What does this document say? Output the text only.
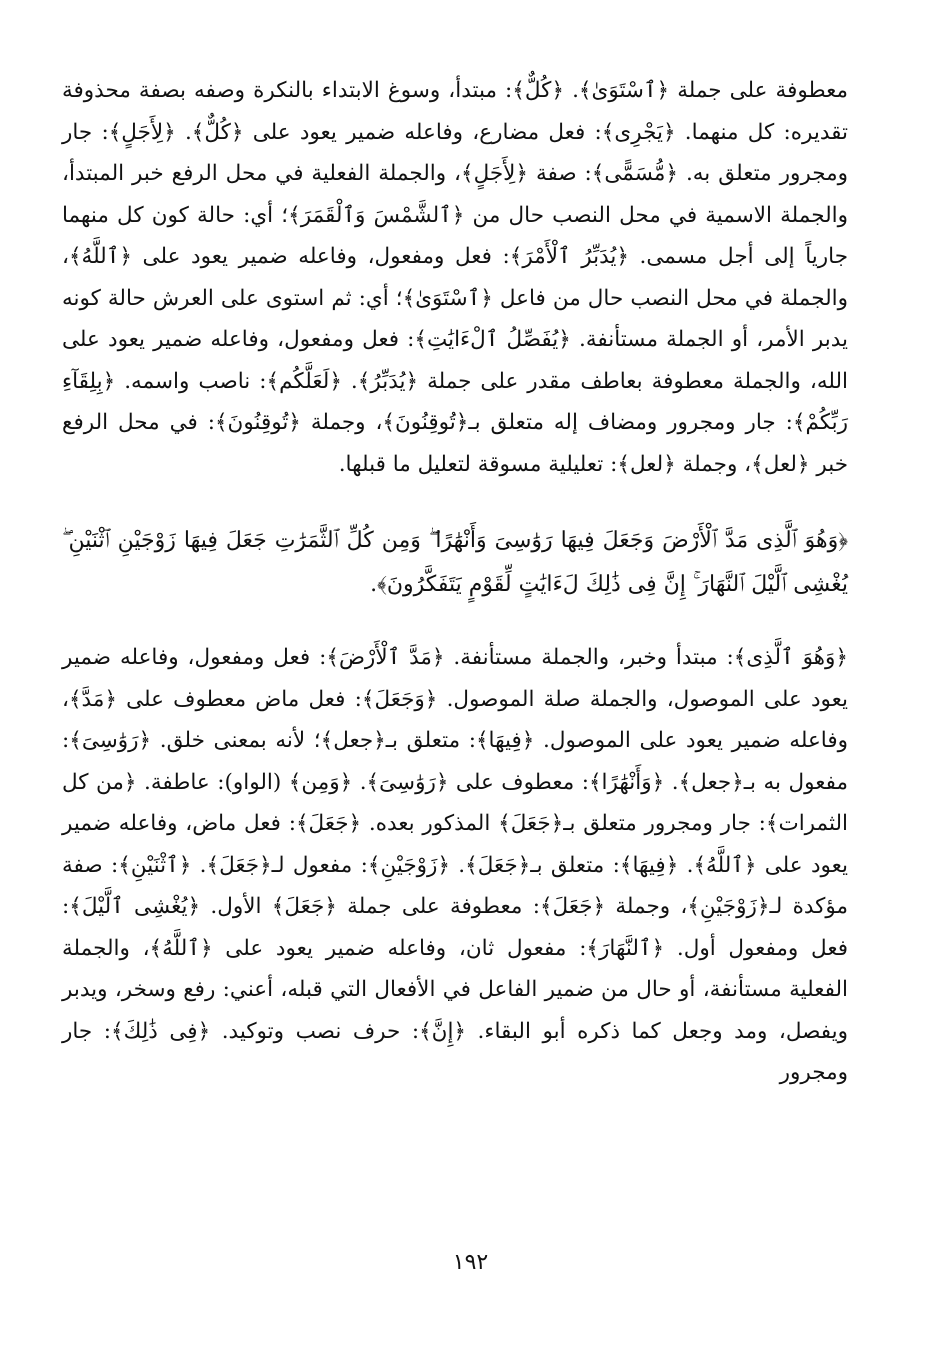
معطوفة على جملة ﴿ٱسْتَوَىٰ﴾. ﴿كُلٌّ﴾: مبتدأ، وسوغ الابتداء بالنكرة وصفه بصفة محذوفة تقديره: كل منهما. ﴿يَجْرِى﴾: فعل مضارع، وفاعله ضمير يعود على ﴿كُلٌّ﴾. ﴿لِأَجَلٍ﴾: جار ومجرور متعلق به. ﴿مُّسَمًّى﴾: صفة ﴿لِأَجَلٍ﴾، والجملة الفعلية في محل الرفع خبر المبتدأ، والجملة الاسمية في محل النصب حال من ﴿ٱلشَّمْسَ وَٱلْقَمَرَ﴾؛ أي: حالة كون كل منهما جارياً إلى أجل مسمى. ﴿يُدَبِّرُ ٱلْأَمْرَ﴾: فعل ومفعول، وفاعله ضمير يعود على ﴿ٱللَّهُ﴾، والجملة في محل النصب حال من فاعل ﴿ٱسْتَوَىٰ﴾؛ أي: ثم استوى على العرش حالة كونه يدبر الأمر، أو الجملة مستأنفة. ﴿يُفَصِّلُ ٱلْءَايَٰتِ﴾: فعل ومفعول، وفاعله ضمير يعود على الله، والجملة معطوفة بعاطف مقدر على جملة ﴿يُدَبِّرُ﴾. ﴿لَعَلَّكُم﴾: ناصب واسمه. ﴿بِلِقَآءِ رَبِّكُمْ﴾: جار ومجرور ومضاف إله متعلق بـ﴿تُوقِنُونَ﴾، وجملة ﴿تُوقِنُونَ﴾: في محل الرفع خبر ﴿لعل﴾، وجملة ﴿لعل﴾: تعليلية مسوقة لتعليل ما قبلها.

﴿وَهُوَ ٱلَّذِى مَدَّ ٱلْأَرْضَ وَجَعَلَ فِيهَا رَوَٰسِىَ وَأَنْهَٰرًا ۖ وَمِن كُلِّ ٱلثَّمَرَٰتِ جَعَلَ فِيهَا زَوْجَيْنِ ٱثْنَيْنِ ۖ يُغْشِى ٱلَّيْلَ ٱلنَّهَارَ ۚ إِنَّ فِى ذَٰلِكَ لَءَايَٰتٍ لِّقَوْمٍ يَتَفَكَّرُونَ﴾.

﴿وَهُوَ ٱلَّذِى﴾: مبتدأ وخبر، والجملة مستأنفة. ﴿مَدَّ ٱلْأَرْضَ﴾: فعل ومفعول، وفاعله ضمير يعود على الموصول، والجملة صلة الموصول. ﴿وَجَعَلَ﴾: فعل ماض معطوف على ﴿مَدَّ﴾، وفاعله ضمير يعود على الموصول. ﴿فِيهَا﴾: متعلق بـ﴿جعل﴾؛ لأنه بمعنى خلق. ﴿رَوَٰسِىَ﴾: مفعول به بـ﴿جعل﴾. ﴿وَأَنْهَٰرًا﴾: معطوف على ﴿رَوَٰسِىَ﴾. ﴿وَمِن﴾ (الواو): عاطفة. ﴿من كل الثمرات﴾: جار ومجرور متعلق بـ﴿جَعَلَ﴾ المذكور بعده. ﴿جَعَلَ﴾: فعل ماض، وفاعله ضمير يعود على ﴿ٱللَّهُ﴾. ﴿فِيهَا﴾: متعلق بـ﴿جَعَلَ﴾. ﴿زَوْجَيْنِ﴾: مفعول لـ﴿جَعَلَ﴾. ﴿ٱثْنَيْنِ﴾: صفة مؤكدة لـ﴿زَوْجَيْنِ﴾، وجملة ﴿جَعَلَ﴾: معطوفة على جملة ﴿جَعَلَ﴾ الأول. ﴿يُغْشِى ٱلَّيْلَ﴾: فعل ومفعول أول. ﴿ٱلنَّهَارَ﴾: مفعول ثان، وفاعله ضمير يعود على ﴿ٱللَّهُ﴾، والجملة الفعلية مستأنفة، أو حال من ضمير الفاعل في الأفعال التي قبله، أعني: رفع وسخر، ويدبر ويفصل، ومد وجعل كما ذكره أبو البقاء. ﴿إِنَّ﴾: حرف نصب وتوكيد. ﴿فِى ذَٰلِكَ﴾: جار ومجرور

١٩٢
